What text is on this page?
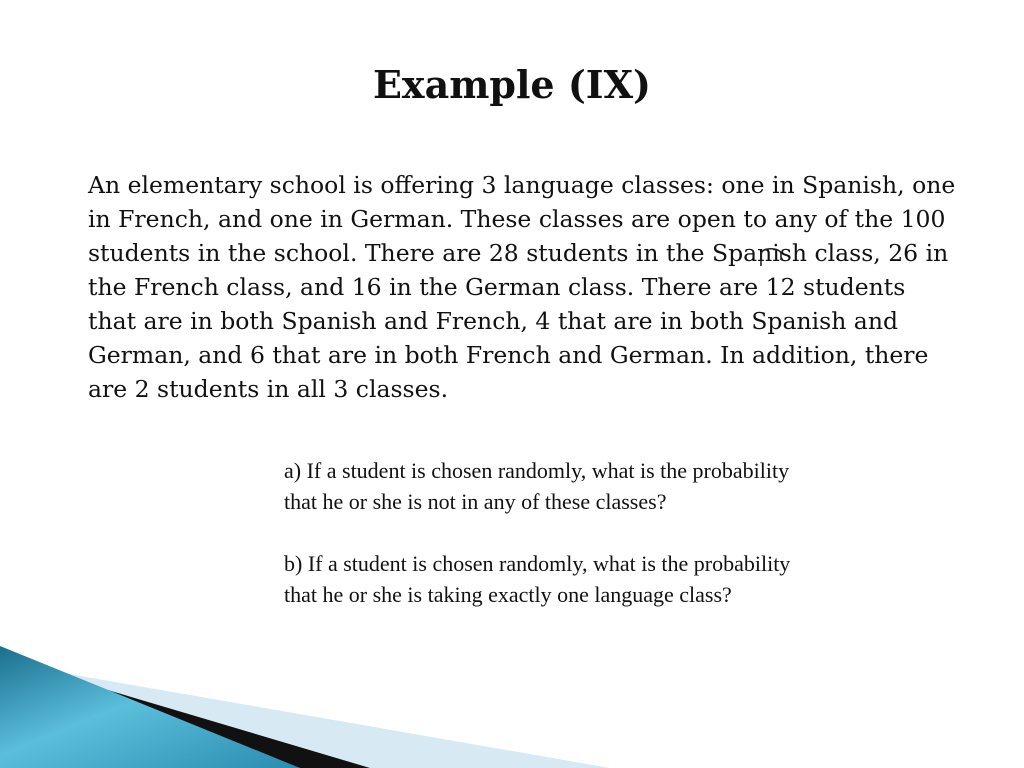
Example (IX)

An elementary school is offering 3 language classes: one in Spanish, one in French, and one in German. These classes are open to any of the 100 students in the school. There are 28 students in the Spanish class, 26 in the French class, and 16 in the German class. There are 12 students that are in both Spanish and French, 4 that are in both Spanish and German, and 6 that are in both French and German. In addition, there are 2 students in all 3 classes.

a) If a student is chosen randomly, what is the probability that he or she is not in any of these classes?

b) If a student is chosen randomly, what is the probability that he or she is taking exactly one language class?
